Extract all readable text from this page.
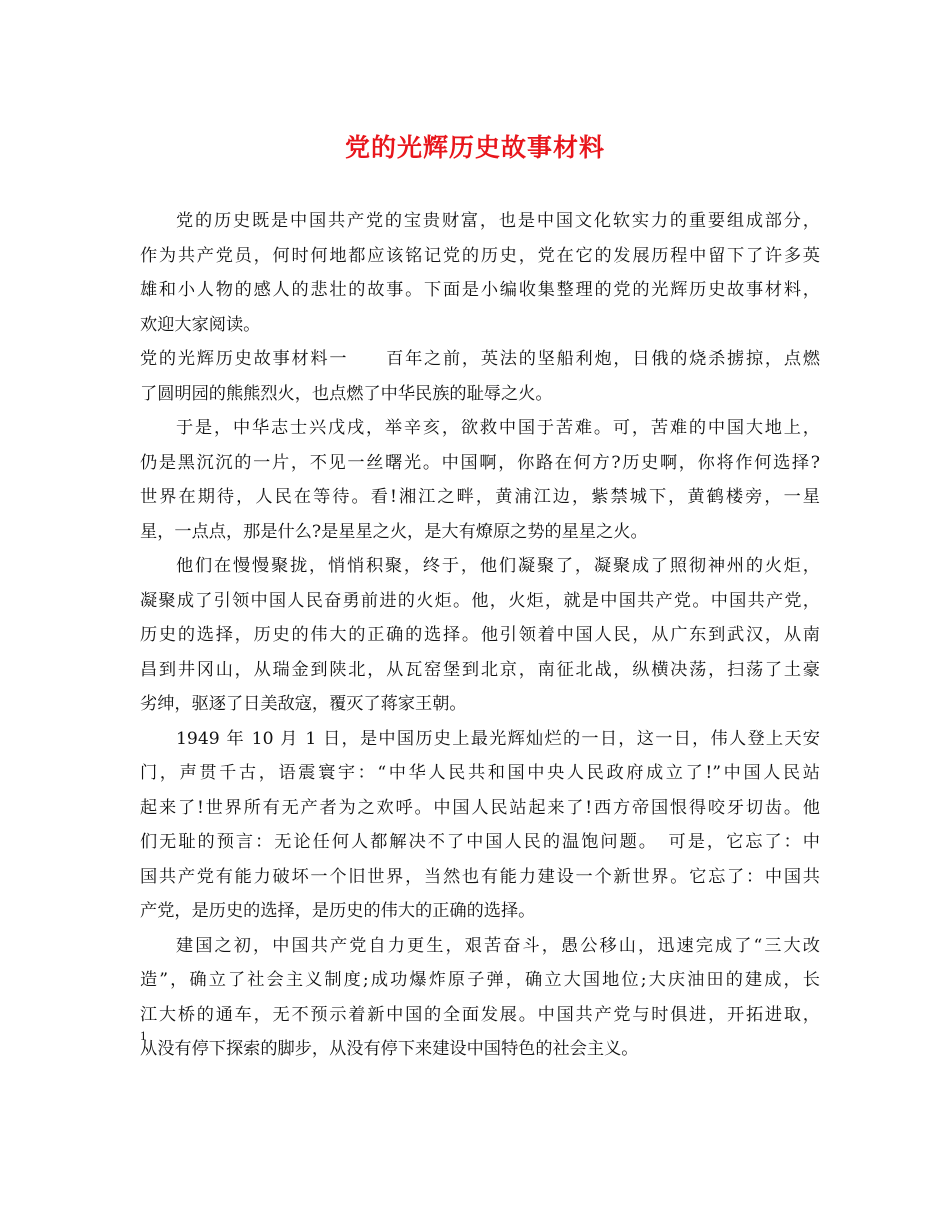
党的光辉历史故事材料
党的历史既是中国共产党的宝贵财富，也是中国文化软实力的重要组成部分，
作为共产党员，何时何地都应该铭记党的历史，党在它的发展历程中留下了许多英
雄和小人物的感人的悲壮的故事。下面是小编收集整理的党的光辉历史故事材料，
欢迎大家阅读。
党的光辉历史故事材料一　　百年之前，英法的坚船利炮，日俄的烧杀掳掠，点燃
了圆明园的熊熊烈火，也点燃了中华民族的耻辱之火。
于是，中华志士兴戊戌，举辛亥，欲救中国于苦难。可，苦难的中国大地上，
仍是黑沉沉的一片，不见一丝曙光。中国啊，你路在何方?历史啊，你将作何选择?
世界在期待，人民在等待。看!湘江之畔，黄浦江边，紫禁城下，黄鹤楼旁，一星
星，一点点，那是什么?是星星之火，是大有燎原之势的星星之火。
他们在慢慢聚拢，悄悄积聚，终于，他们凝聚了，凝聚成了照彻神州的火炬，
凝聚成了引领中国人民奋勇前进的火炬。他，火炬，就是中国共产党。中国共产党，
历史的选择，历史的伟大的正确的选择。他引领着中国人民，从广东到武汉，从南
昌到井冈山，从瑞金到陕北，从瓦窑堡到北京，南征北战，纵横决荡，扫荡了土豪
劣绅，驱逐了日美敌寇，覆灭了蒋家王朝。
1949 年 10 月 1 日，是中国历史上最光辉灿烂的一日，这一日，伟人登上天安
门，声贯千古，语震寰宇：“中华人民共和国中央人民政府成立了!”中国人民站
起来了!世界所有无产者为之欢呼。中国人民站起来了!西方帝国恨得咬牙切齿。他
们无耻的预言：无论任何人都解决不了中国人民的温饱问题。　可是，它忘了：中
国共产党有能力破坏一个旧世界，当然也有能力建设一个新世界。它忘了：中国共
产党，是历史的选择，是历史的伟大的正确的选择。
建国之初，中国共产党自力更生，艰苦奋斗，愚公移山，迅速完成了“三大改
造”，确立了社会主义制度;成功爆炸原子弹，确立大国地位;大庆油田的建成，长
江大桥的通车，无不预示着新中国的全面发展。中国共产党与时俱进，开拓进取，
从没有停下探索的脚步，从没有停下来建设中国特色的社会主义。
1
